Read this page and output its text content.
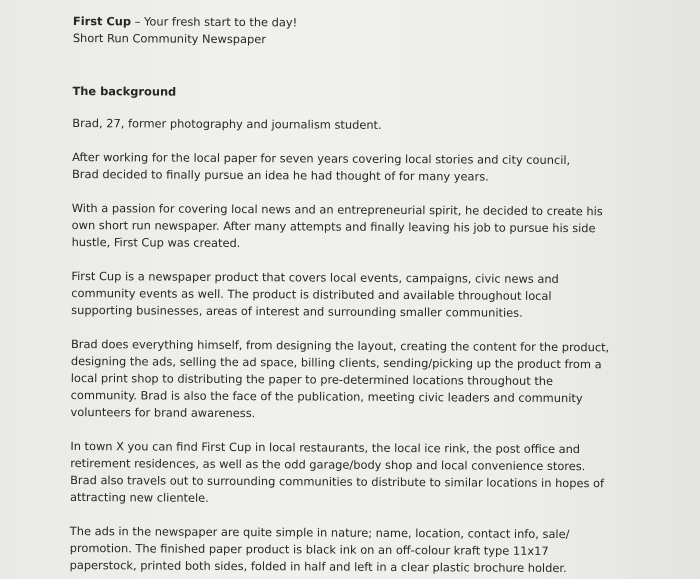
First Cup – Your fresh start to the day!

Short Run Community Newspaper

The background

Brad, 27, former photography and journalism student.
After working for the local paper for seven years covering local stories and city council,
Brad decided to finally pursue an idea he had thought of for many years.
With a passion for covering local news and an entrepreneurial spirit, he decided to create his
own short run newspaper. After many attempts and finally leaving his job to pursue his side
hustle, First Cup was created.
First Cup is a newspaper product that covers local events, campaigns, civic news and
community events as well. The product is distributed and available throughout local
supporting businesses, areas of interest and surrounding smaller communities.
Brad does everything himself, from designing the layout, creating the content for the product,
designing the ads, selling the ad space, billing clients, sending/picking up the product from a
local print shop to distributing the paper to pre-determined locations throughout the
community. Brad is also the face of the publication, meeting civic leaders and community
volunteers for brand awareness.
In town X you can find First Cup in local restaurants, the local ice rink, the post office and
retirement residences, as well as the odd garage/body shop and local convenience stores.
Brad also travels out to surrounding communities to distribute to similar locations in hopes of
attracting new clientele.
The ads in the newspaper are quite simple in nature; name, location, contact info, sale/
promotion. The finished paper product is black ink on an off-colour kraft type 11x17
paperstock, printed both sides, folded in half and left in a clear plastic brochure holder.
